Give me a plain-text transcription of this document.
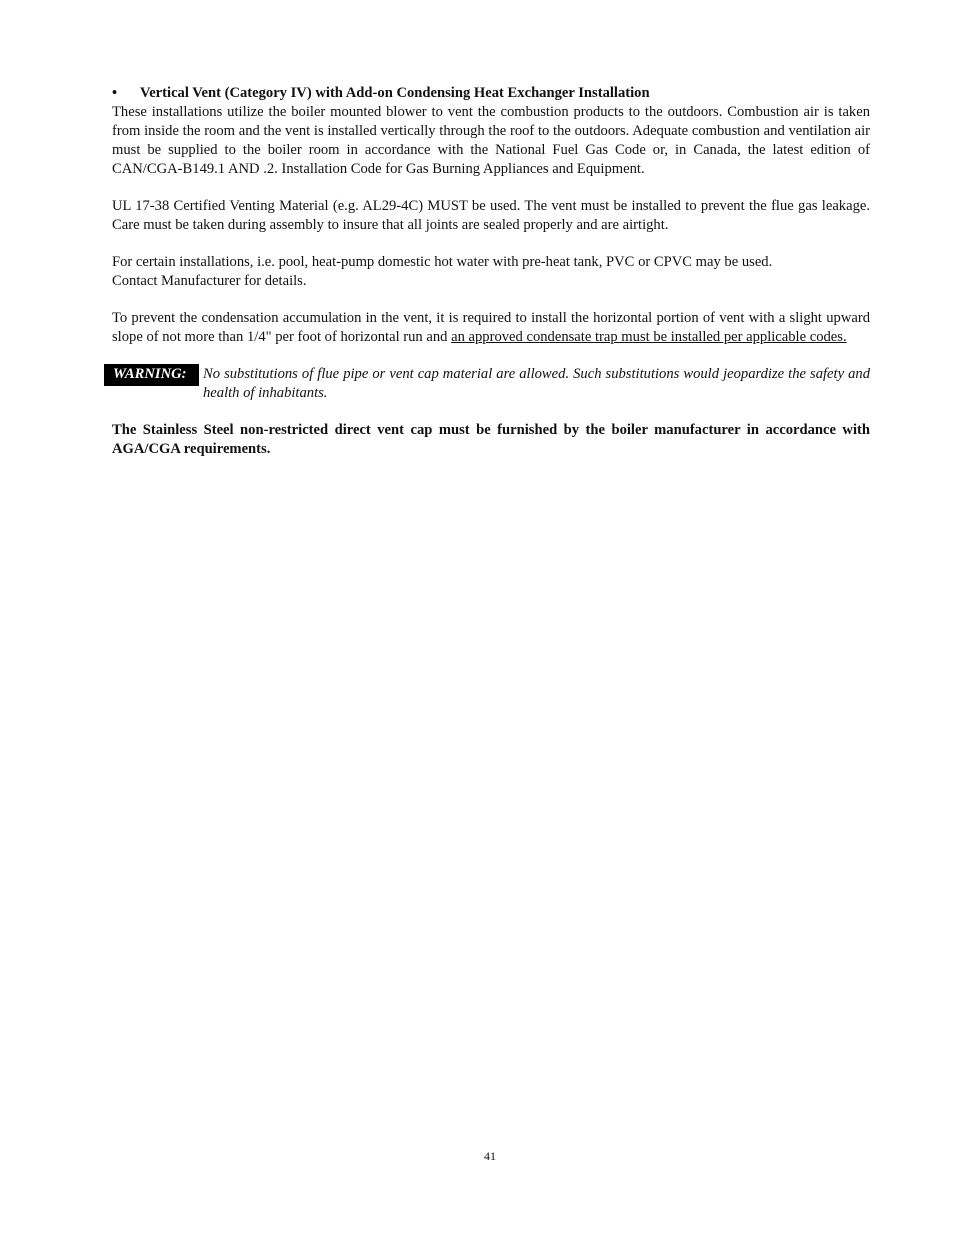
•	Vertical Vent (Category IV) with Add-on Condensing Heat Exchanger Installation

These installations utilize the boiler mounted blower to vent the combustion products to the outdoors. Combustion air is taken from inside the room and the vent is installed vertically through the roof to the outdoors. Adequate combustion and ventilation air must be supplied to the boiler room in accordance with the National Fuel Gas Code or, in Canada, the latest edition of CAN/CGA-B149.1 AND .2. Installation Code for Gas Burning Appliances and Equipment.

UL 17-38 Certified Venting Material (e.g. AL29-4C) MUST be used. The vent must be installed to prevent the flue gas leakage. Care must be taken during assembly to insure that all joints are sealed properly and are airtight.

For certain installations, i.e. pool, heat-pump domestic hot water with pre-heat tank, PVC or CPVC may be used.
Contact Manufacturer for details.

To prevent the condensation accumulation in the vent, it is required to install the horizontal portion of vent with a slight upward slope of not more than 1/4" per foot of horizontal run and an approved condensate trap must be installed per applicable codes.

WARNING:	No substitutions of flue pipe or vent cap material are allowed. Such substitutions would jeopardize the safety and health of inhabitants.

The Stainless Steel non-restricted direct vent cap must be furnished by the boiler manufacturer in accordance with AGA/CGA requirements.

41
